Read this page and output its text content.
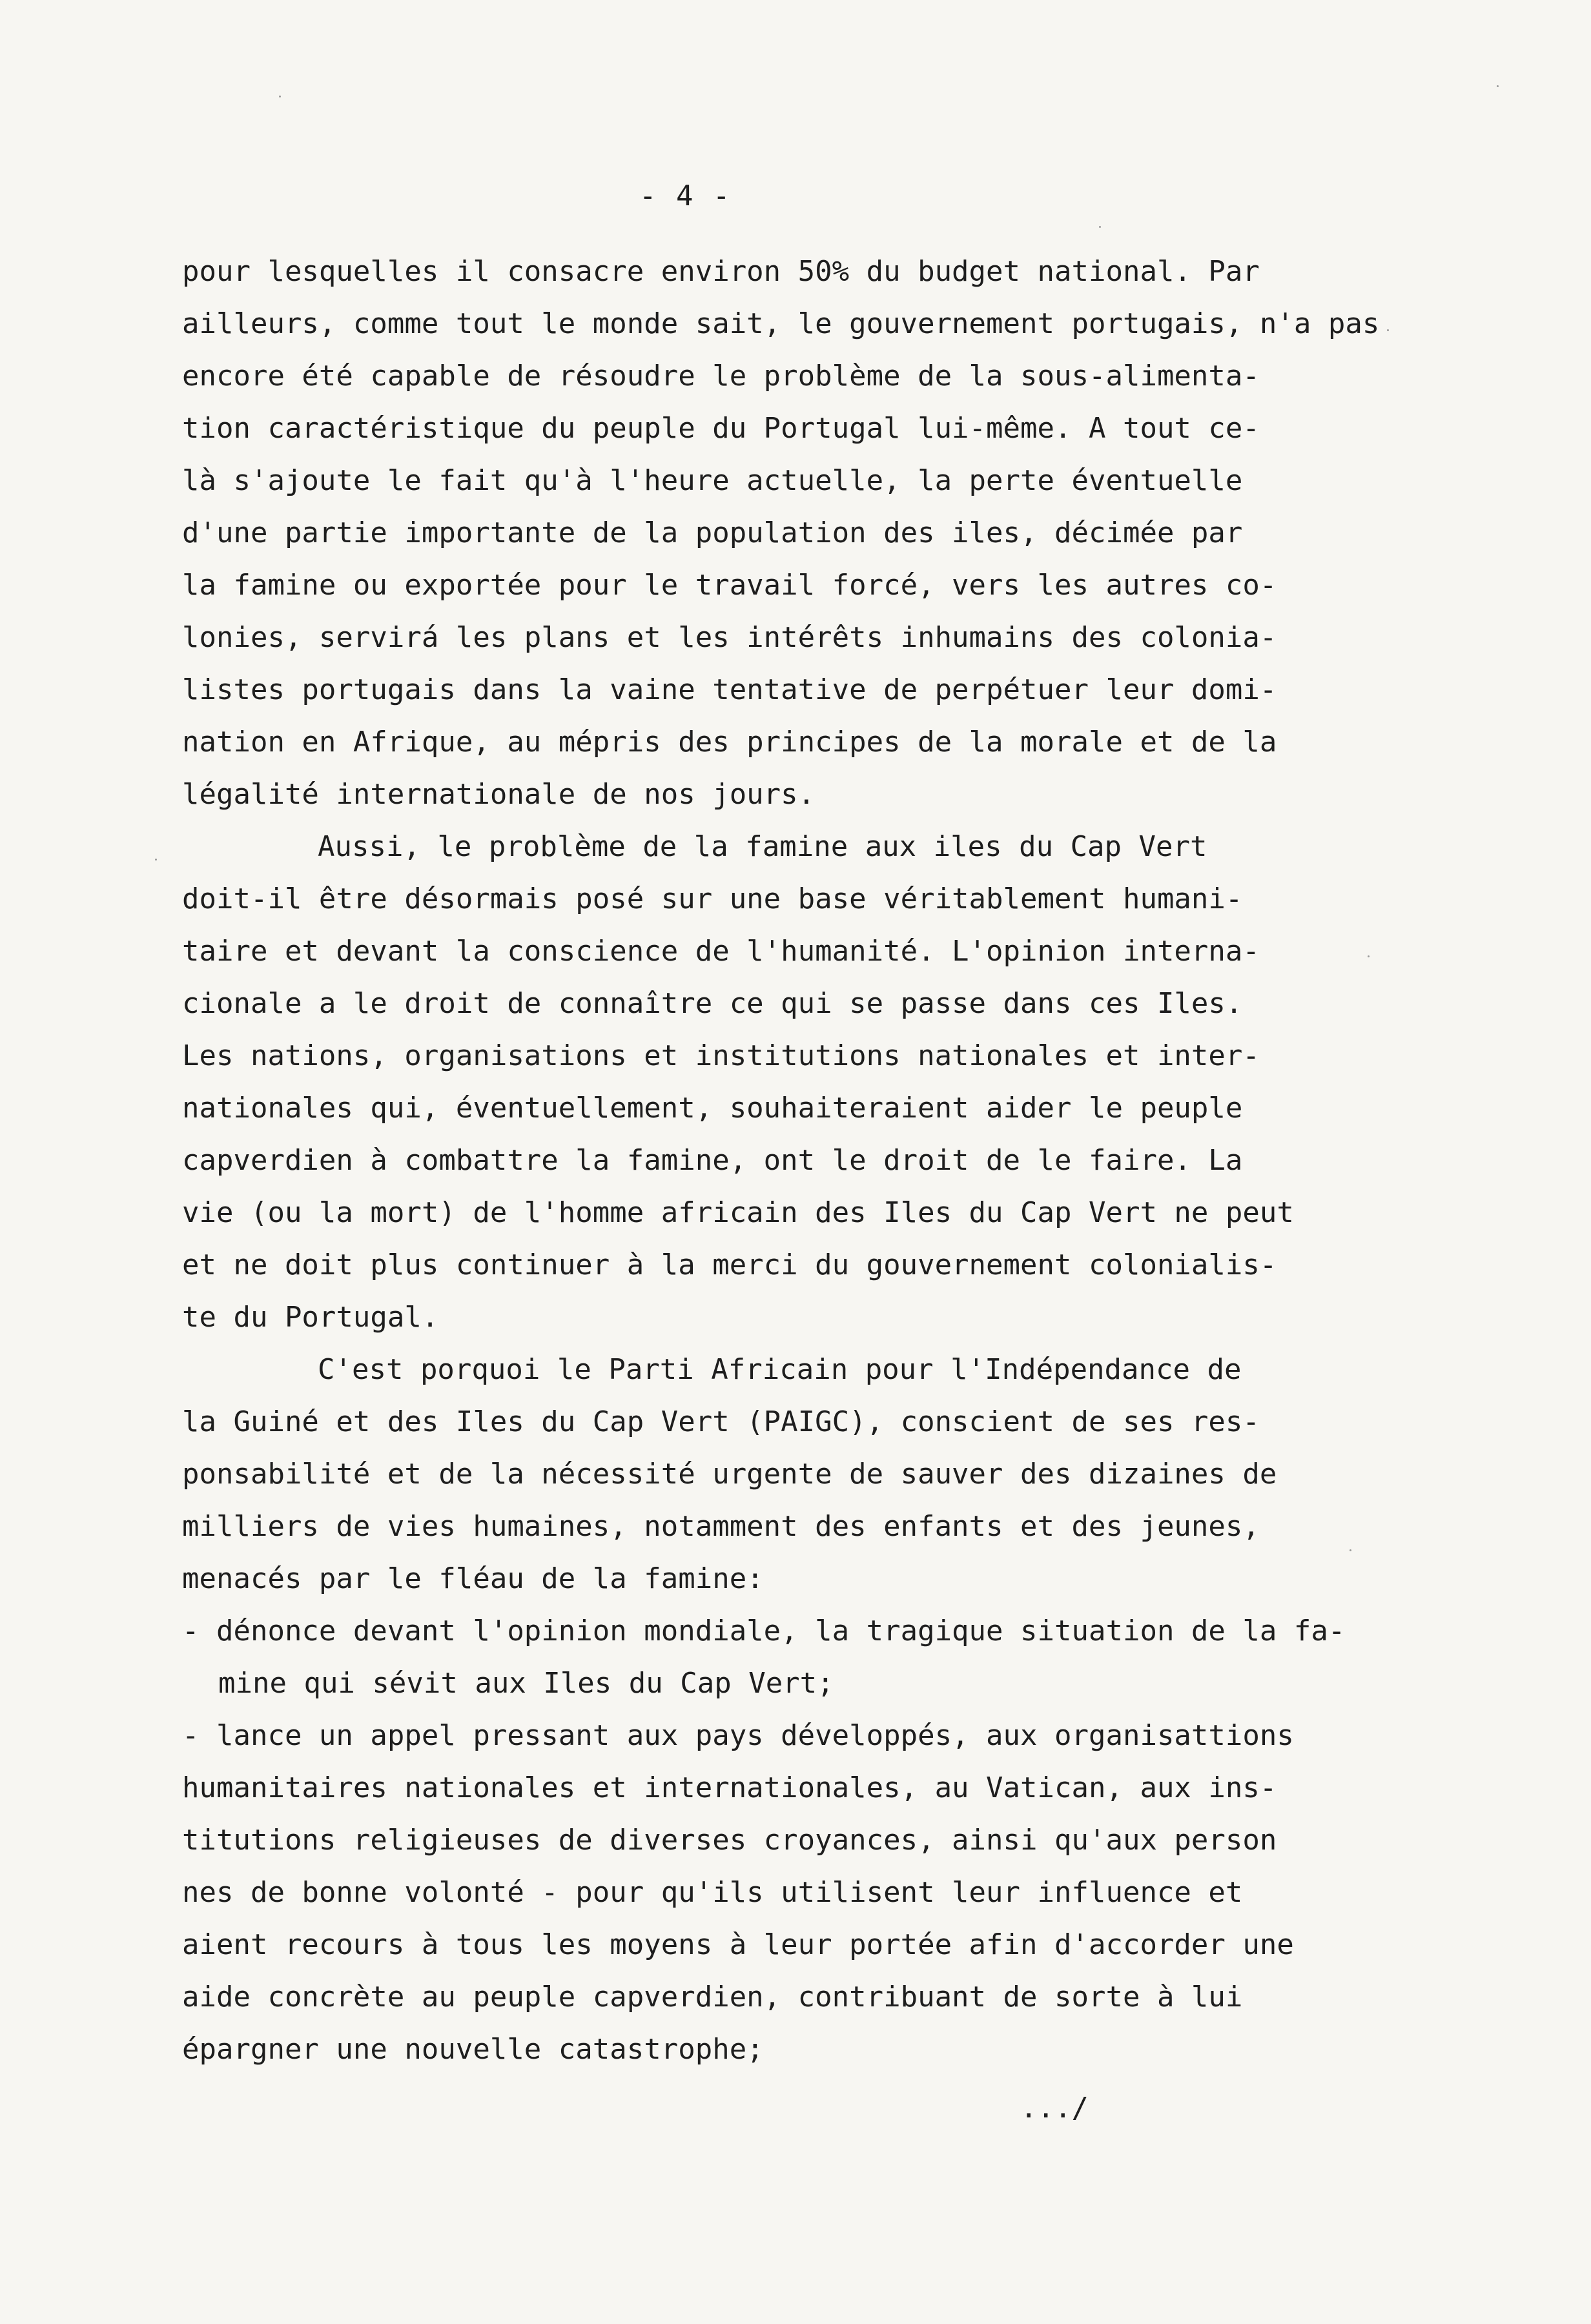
- 4 -
pour lesquelles il consacre environ 50% du budget national. Par
ailleurs, comme tout le monde sait, le gouvernement portugais, n'a pas
encore été capable de résoudre le problème de la sous-alimenta-
tion caractéristique du peuple du Portugal lui-même. A tout ce-
là s'ajoute le fait qu'à l'heure actuelle, la perte éventuelle
d'une partie importante de la population des iles, décimée par
la famine ou exportée pour le travail forcé, vers les autres co-
lonies, servirá les plans et les intérêts inhumains des colonia-
listes portugais dans la vaine tentative de perpétuer leur domi-
nation en Afrique, au mépris des principes de la morale et de la
légalité internationale de nos jours.
Aussi, le problème de la famine aux iles du Cap Vert
doit-il être désormais posé sur une base véritablement humani-
taire et devant la conscience de l'humanité. L'opinion interna-
cionale a le droit de connaître ce qui se passe dans ces Iles.
Les nations, organisations et institutions nationales et inter-
nationales qui, éventuellement, souhaiteraient aider le peuple
capverdien à combattre la famine, ont le droit de le faire. La
vie (ou la mort) de l'homme africain des Iles du Cap Vert ne peut
et ne doit plus continuer à la merci du gouvernement colonialis-
te du Portugal.
C'est porquoi le Parti Africain pour l'Indépendance de
la Guiné et des Iles du Cap Vert (PAIGC), conscient de ses res-
ponsabilité et de la nécessité urgente de sauver des dizaines de
milliers de vies humaines, notamment des enfants et des jeunes,
menacés par le fléau de la famine:
- dénonce devant l'opinion mondiale, la tragique situation de la fa-
mine qui sévit aux Iles du Cap Vert;
- lance un appel pressant aux pays développés, aux organisattions
humanitaires nationales et internationales, au Vatican, aux ins-
titutions religieuses de diverses croyances, ainsi qu'aux person
nes de bonne volonté - pour qu'ils utilisent leur influence et
aient recours à tous les moyens à leur portée afin d'accorder une
aide concrète au peuple capverdien, contribuant de sorte à lui
épargner une nouvelle catastrophe;
.../
